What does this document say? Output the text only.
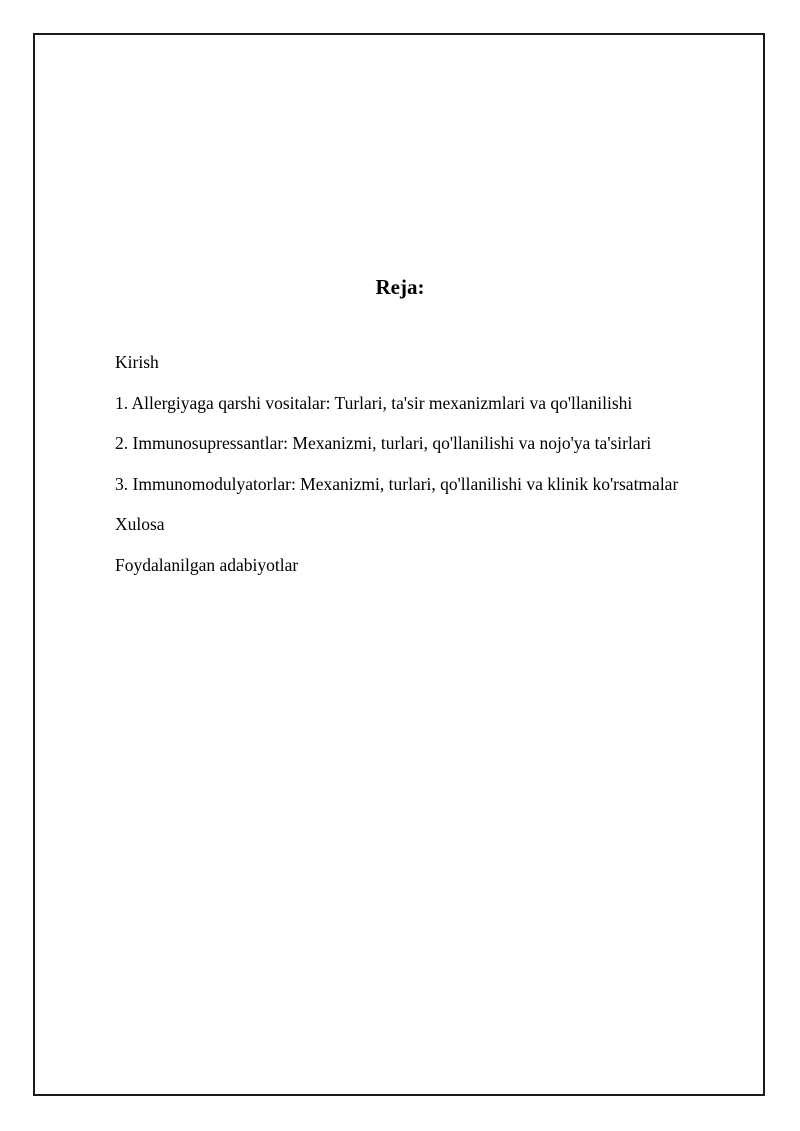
Reja:
Kirish
1. Allergiyaga qarshi vositalar: Turlari, ta'sir mexanizmlari va qo'llanilishi
2. Immunosupressantlar: Mexanizmi, turlari, qo'llanilishi va nojo'ya ta'sirlari
3. Immunomodulyatorlar: Mexanizmi, turlari, qo'llanilishi va klinik ko'rsatmalar
Xulosa
Foydalanilgan adabiyotlar
